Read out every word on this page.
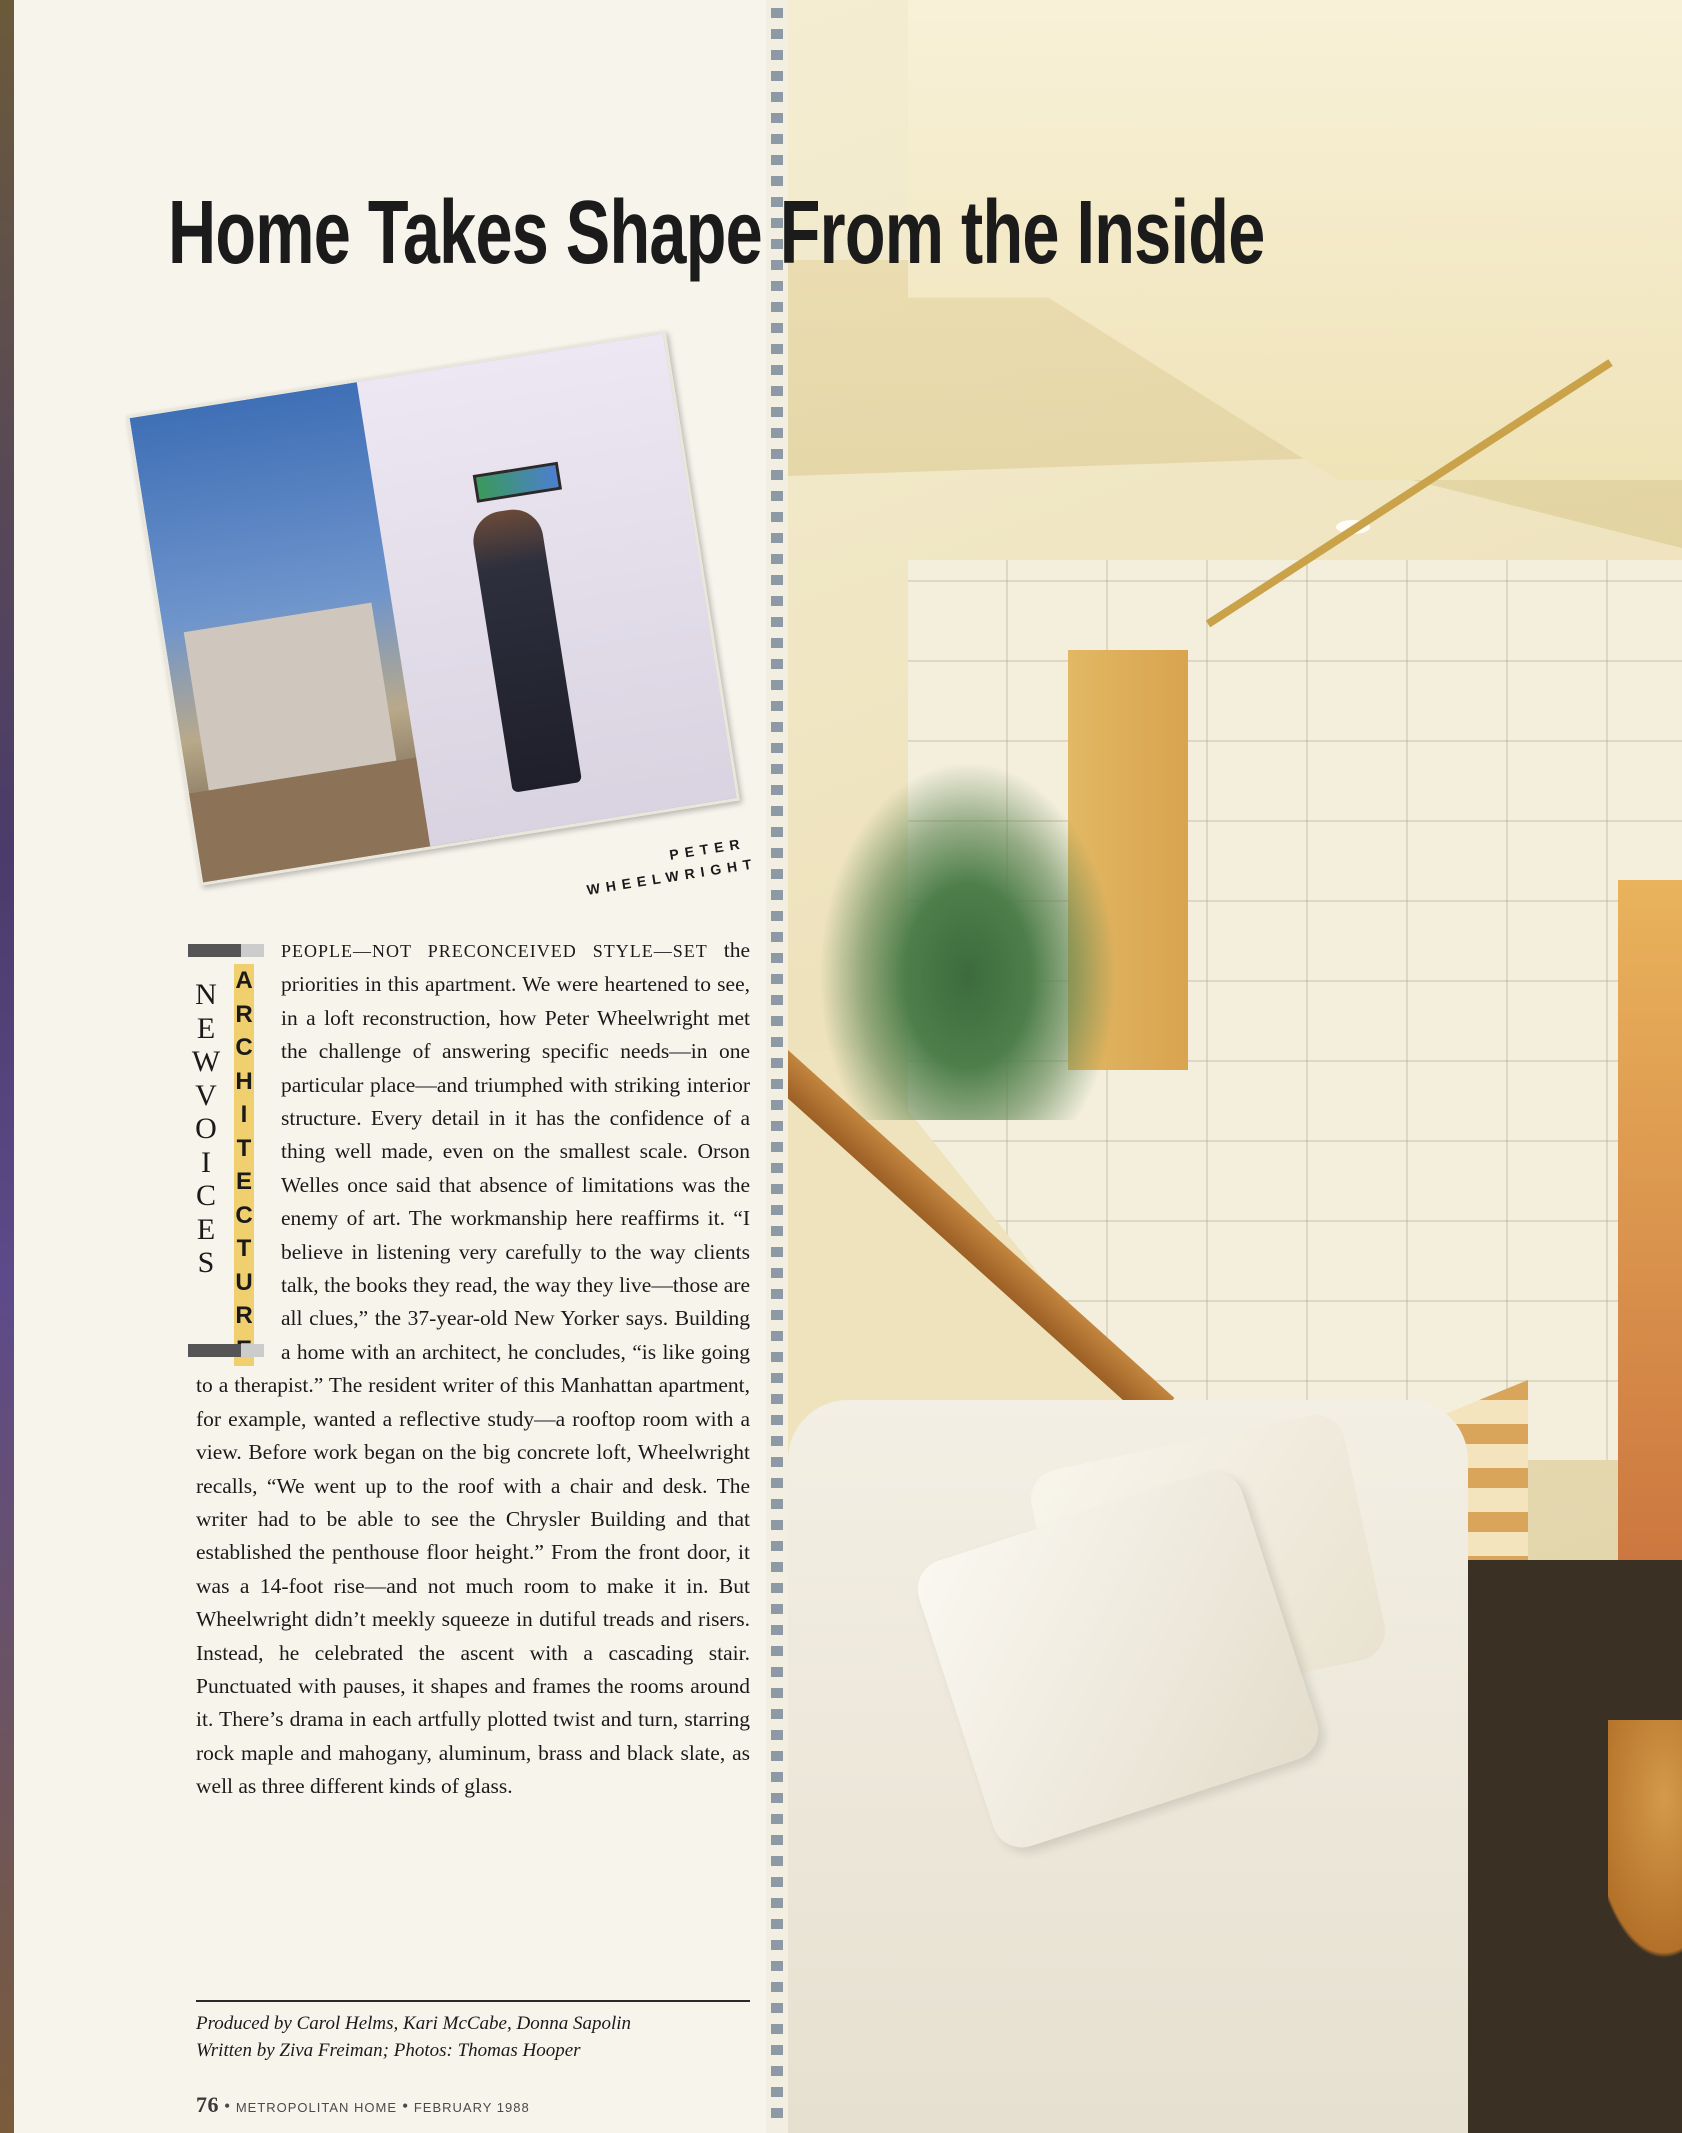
PETER
WHEELWRIGHT
N
E
W
V
O
I
C
E
S
A
R
C
H
I
T
E
C
T
U
R

PEOPLE—NOT PRECONCEIVED STYLE—SET the priorities in this apartment. We were heartened to see, in a loft reconstruction, how Peter Wheelwright met the challenge of answering specific needs—in one particular place—and triumphed with striking interior structure. Every detail in it has the confidence of a thing well made, even on the smallest scale. Orson Welles once said that absence of limitations was the enemy of art. The workmanship here reaffirms it. “I believe in listening very carefully to the way clients talk, the books they read, the way they live—those are all clues,” the 37-year-old New Yorker says. Building a home with an architect, he concludes, “is like going to a therapist.” The resident writer of this Manhattan apartment, for example, wanted a reflective study—a rooftop room with a view. Before work began on the big concrete loft, Wheelwright recalls, “We went up to the roof with a chair and desk. The writer had to be able to see the Chrysler Building and that established the penthouse floor height.” From the front door, it was a 14-foot rise—and not much room to make it in. But Wheelwright didn’t meekly squeeze in dutiful treads and risers. Instead, he celebrated the ascent with a cascading stair. Punctuated with pauses, it shapes and frames the rooms around it. There’s drama in each artfully plotted twist and turn, starring rock maple and mahogany, aluminum, brass and black slate, as well as three different kinds of glass.

Produced by Carol Helms, Kari McCabe, Donna Sapolin

Written by Ziva Freiman; Photos: Thomas Hooper

76 • METROPOLITAN HOME • FEBRUARY 1988
Home Takes Shape From the Inside
